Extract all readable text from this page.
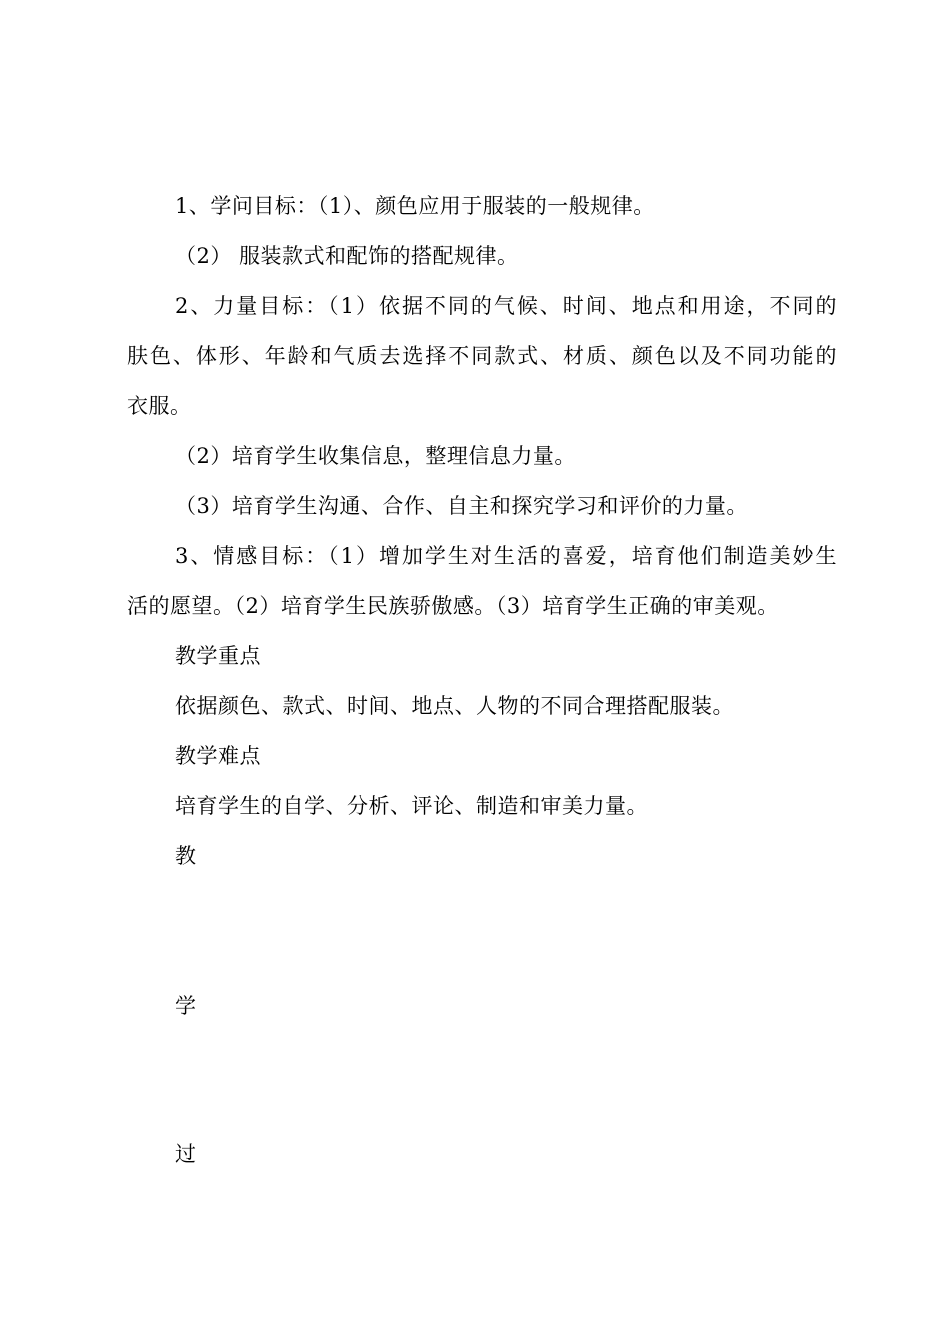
1、学问目标：（1）、颜色应用于服装的一般规律。
（2） 服装款式和配饰的搭配规律。
2、力量目标：（1）依据不同的气候、时间、地点和用途，不同的
肤色、体形、年龄和气质去选择不同款式、材质、颜色以及不同功能的
衣服。
（2）培育学生收集信息，整理信息力量。
（3）培育学生沟通、合作、自主和探究学习和评价的力量。
3、情感目标：（1）增加学生对生活的喜爱，培育他们制造美妙生
活的愿望。（2）培育学生民族骄傲感。（3）培育学生正确的审美观。
教学重点
依据颜色、款式、时间、地点、人物的不同合理搭配服装。
教学难点
培育学生的自学、分析、评论、制造和审美力量。
教
学
过
